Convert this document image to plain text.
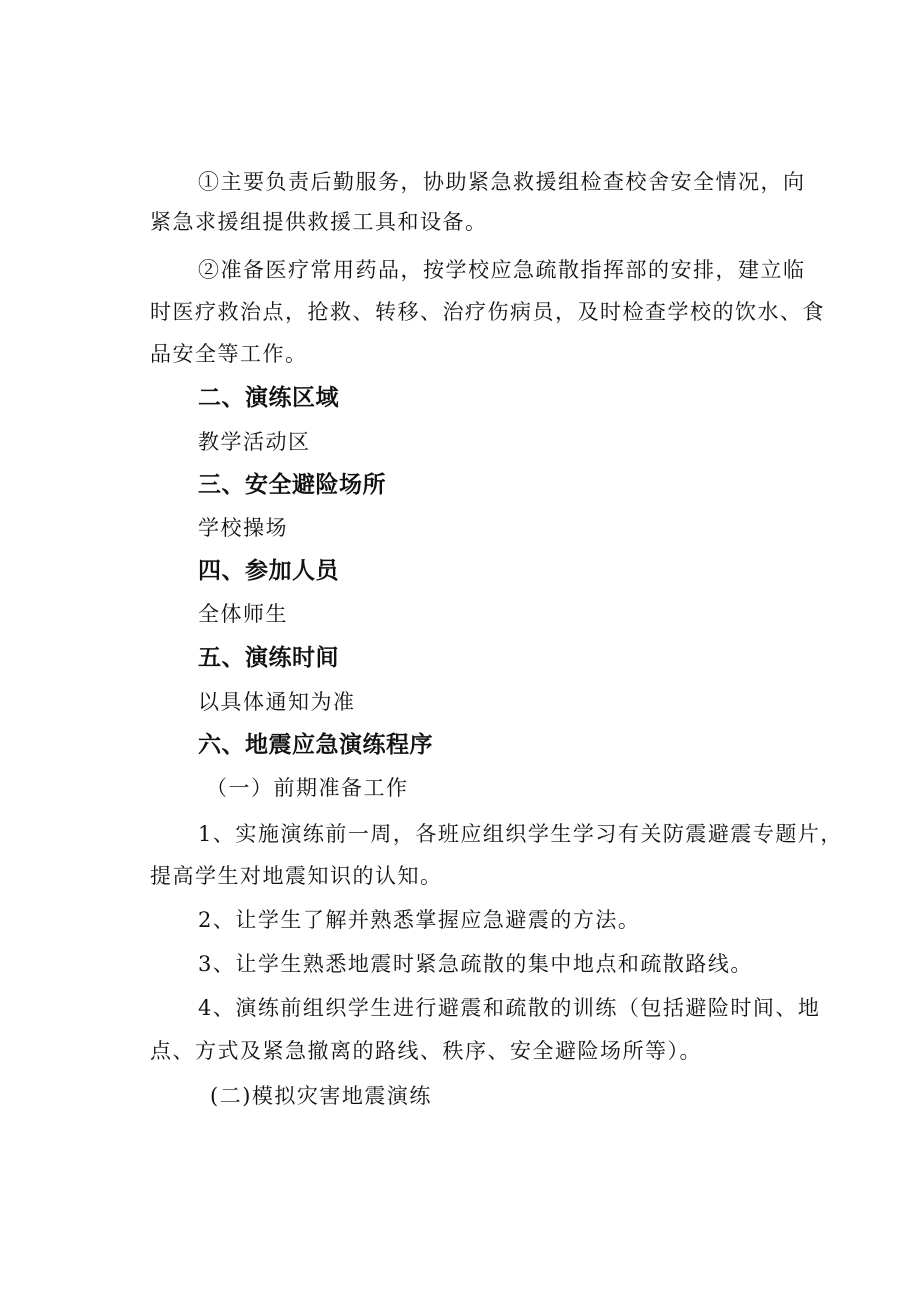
①主要负责后勤服务，协助紧急救援组检查校舍安全情况，向
紧急求援组提供救援工具和设备。
②准备医疗常用药品，按学校应急疏散指挥部的安排，建立临
时医疗救治点，抢救、转移、治疗伤病员，及时检查学校的饮水、食
品安全等工作。
二、演练区域
教学活动区
三、安全避险场所
学校操场
四、参加人员
全体师生
五、演练时间
以具体通知为准
六、地震应急演练程序
（一）前期准备工作
1、实施演练前一周，各班应组织学生学习有关防震避震专题片，
提高学生对地震知识的认知。
2、让学生了解并熟悉掌握应急避震的方法。
3、让学生熟悉地震时紧急疏散的集中地点和疏散路线。
4、演练前组织学生进行避震和疏散的训练（包括避险时间、地
点、方式及紧急撤离的路线、秩序、安全避险场所等）。
(二)模拟灾害地震演练
